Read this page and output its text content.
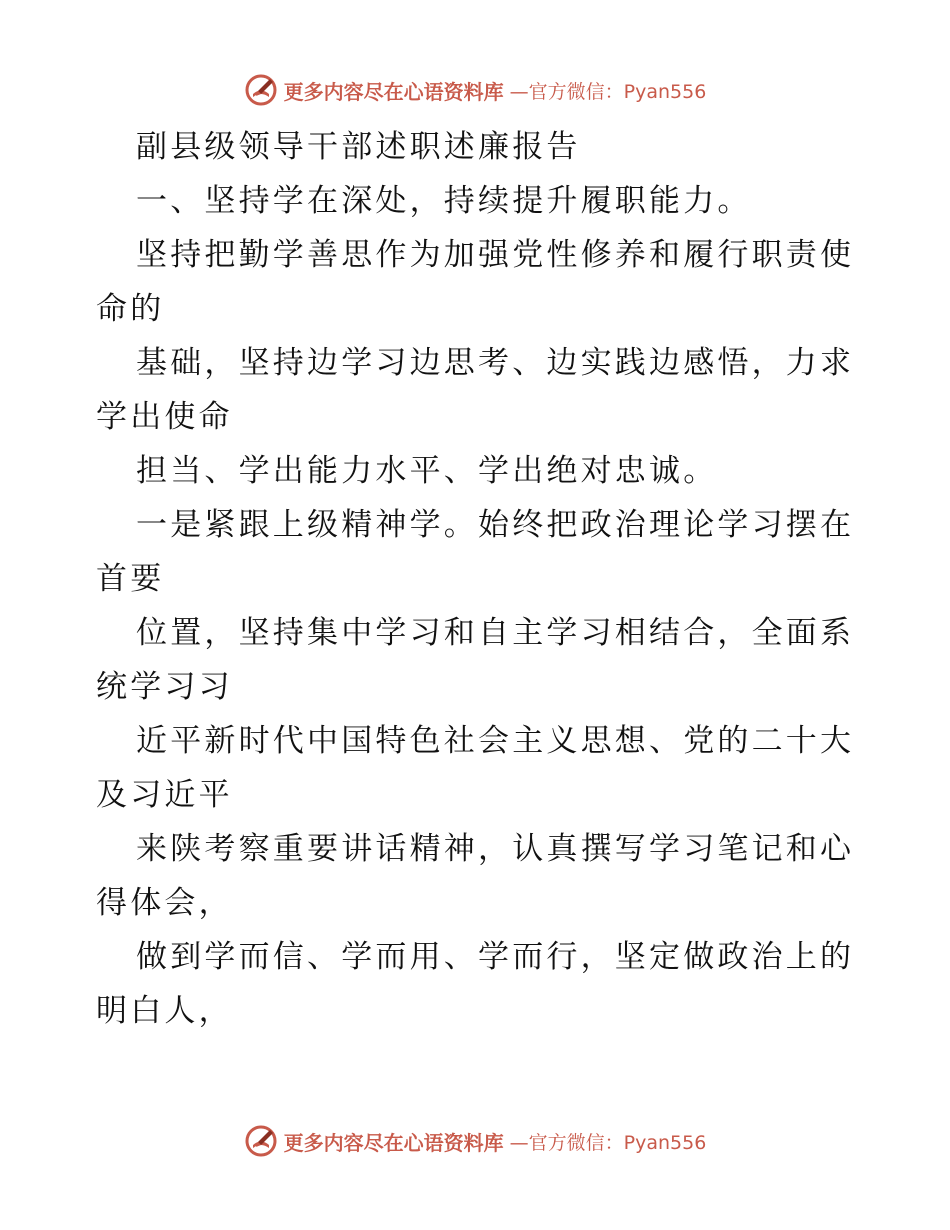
更多内容尽在心语资料库 —官方微信：Pyan556

副县级领导干部述职述廉报告

一、坚持学在深处，持续提升履职能力。

坚持把勤学善思作为加强党性修养和履行职责使

命的

基础，坚持边学习边思考、边实践边感悟，力求

学出使命

担当、学出能力水平、学出绝对忠诚。

一是紧跟上级精神学。始终把政治理论学习摆在

首要

位置，坚持集中学习和自主学习相结合，全面系

统学习习

近平新时代中国特色社会主义思想、党的二十大

及习近平

来陕考察重要讲话精神，认真撰写学习笔记和心

得体会，

做到学而信、学而用、学而行，坚定做政治上的

明白人，

更多内容尽在心语资料库 —官方微信：Pyan556
